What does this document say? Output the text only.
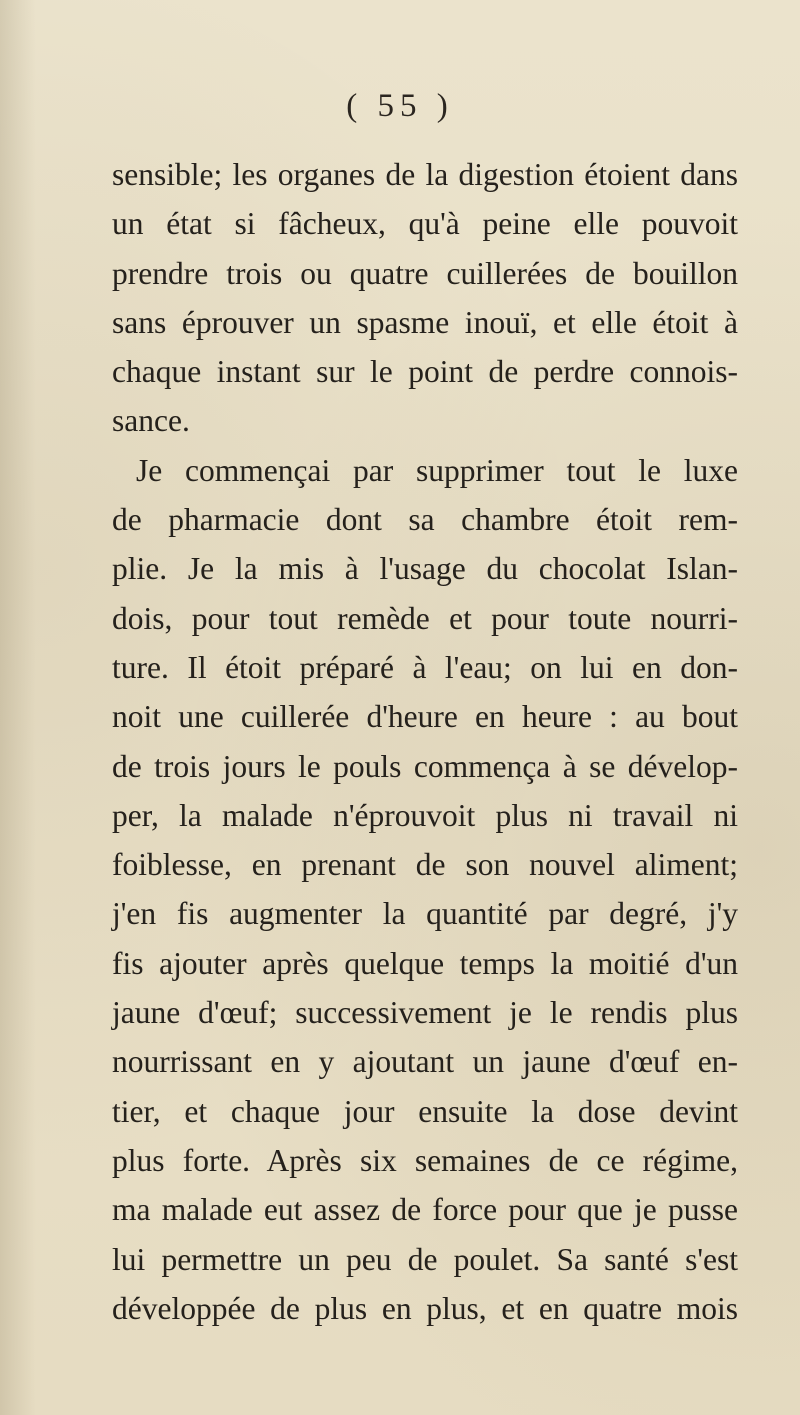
( 55 )
sensible; les organes de la digestion étoient dans
un état si fâcheux, qu'à peine elle pouvoit
prendre trois ou quatre cuillerées de bouillon
sans éprouver un spasme inouï, et elle étoit à
chaque instant sur le point de perdre connois-
sance.
Je commençai par supprimer tout le luxe
de pharmacie dont sa chambre étoit rem-
plie. Je la mis à l'usage du chocolat Islan-
dois, pour tout remède et pour toute nourri-
ture. Il étoit préparé à l'eau; on lui en don-
noit une cuillerée d'heure en heure : au bout
de trois jours le pouls commença à se dévelop-
per, la malade n'éprouvoit plus ni travail ni
foiblesse, en prenant de son nouvel aliment;
j'en fis augmenter la quantité par degré, j'y
fis ajouter après quelque temps la moitié d'un
jaune d'œuf; successivement je le rendis plus
nourrissant en y ajoutant un jaune d'œuf en-
tier, et chaque jour ensuite la dose devint
plus forte. Après six semaines de ce régime,
ma malade eut assez de force pour que je pusse
lui permettre un peu de poulet. Sa santé s'est
développée de plus en plus, et en quatre mois
